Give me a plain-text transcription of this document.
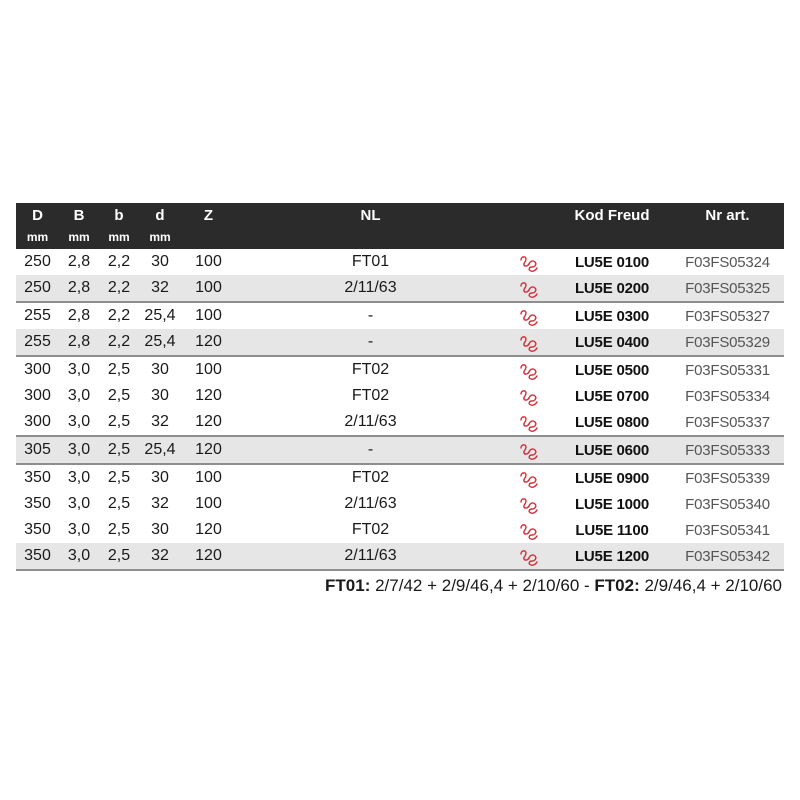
D	B	b	d	Z	NL		Kod Freud	Nr art.
mm	mm	mm	mm					
250	2,8	2,2	30	100	FT01		LU5E 0100	F03FS05324
250	2,8	2,2	32	100	2/11/63		LU5E 0200	F03FS05325
255	2,8	2,2	25,4	100	-		LU5E 0300	F03FS05327
255	2,8	2,2	25,4	120	-		LU5E 0400	F03FS05329
300	3,0	2,5	30	100	FT02		LU5E 0500	F03FS05331
300	3,0	2,5	30	120	FT02		LU5E 0700	F03FS05334
300	3,0	2,5	32	120	2/11/63		LU5E 0800	F03FS05337
305	3,0	2,5	25,4	120	-		LU5E 0600	F03FS05333
350	3,0	2,5	30	100	FT02		LU5E 0900	F03FS05339
350	3,0	2,5	32	100	2/11/63		LU5E 1000	F03FS05340
350	3,0	2,5	30	120	FT02		LU5E 1100	F03FS05341
350	3,0	2,5	32	120	2/11/63		LU5E 1200	F03FS05342
FT01: 2/7/42 + 2/9/46,4 + 2/10/60 - FT02: 2/9/46,4 + 2/10/60
